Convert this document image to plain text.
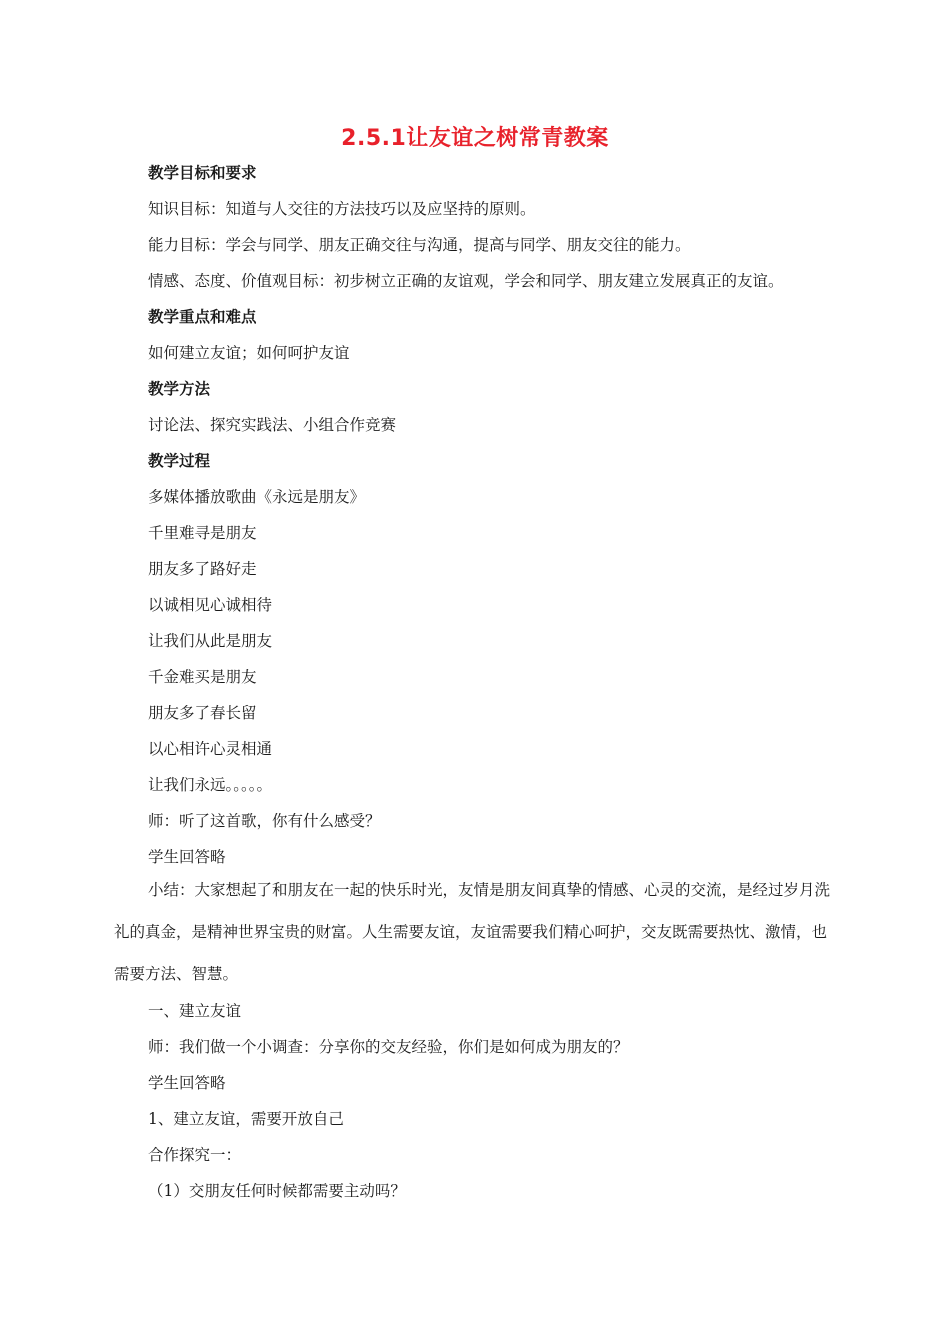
2.5.1让友谊之树常青教案
教学目标和要求
知识目标：知道与人交往的方法技巧以及应坚持的原则。
能力目标：学会与同学、朋友正确交往与沟通，提高与同学、朋友交往的能力。
情感、态度、价值观目标：初步树立正确的友谊观，学会和同学、朋友建立发展真正的友谊。
教学重点和难点
如何建立友谊；如何呵护友谊
教学方法
讨论法、探究实践法、小组合作竞赛
教学过程
多媒体播放歌曲《永远是朋友》
千里难寻是朋友
朋友多了路好走
以诚相见心诚相待
让我们从此是朋友
千金难买是朋友
朋友多了春长留
以心相许心灵相通
让我们永远。。。。。
师：听了这首歌，你有什么感受？
学生回答略
小结：大家想起了和朋友在一起的快乐时光，友情是朋友间真挚的情感、心灵的交流，是经过岁月洗礼的真金，是精神世界宝贵的财富。人生需要友谊，友谊需要我们精心呵护，交友既需要热忱、激情，也需要方法、智慧。
一、建立友谊
师：我们做一个小调查：分享你的交友经验，你们是如何成为朋友的？
学生回答略
1、建立友谊，需要开放自己
合作探究一：
（1）交朋友任何时候都需要主动吗？
